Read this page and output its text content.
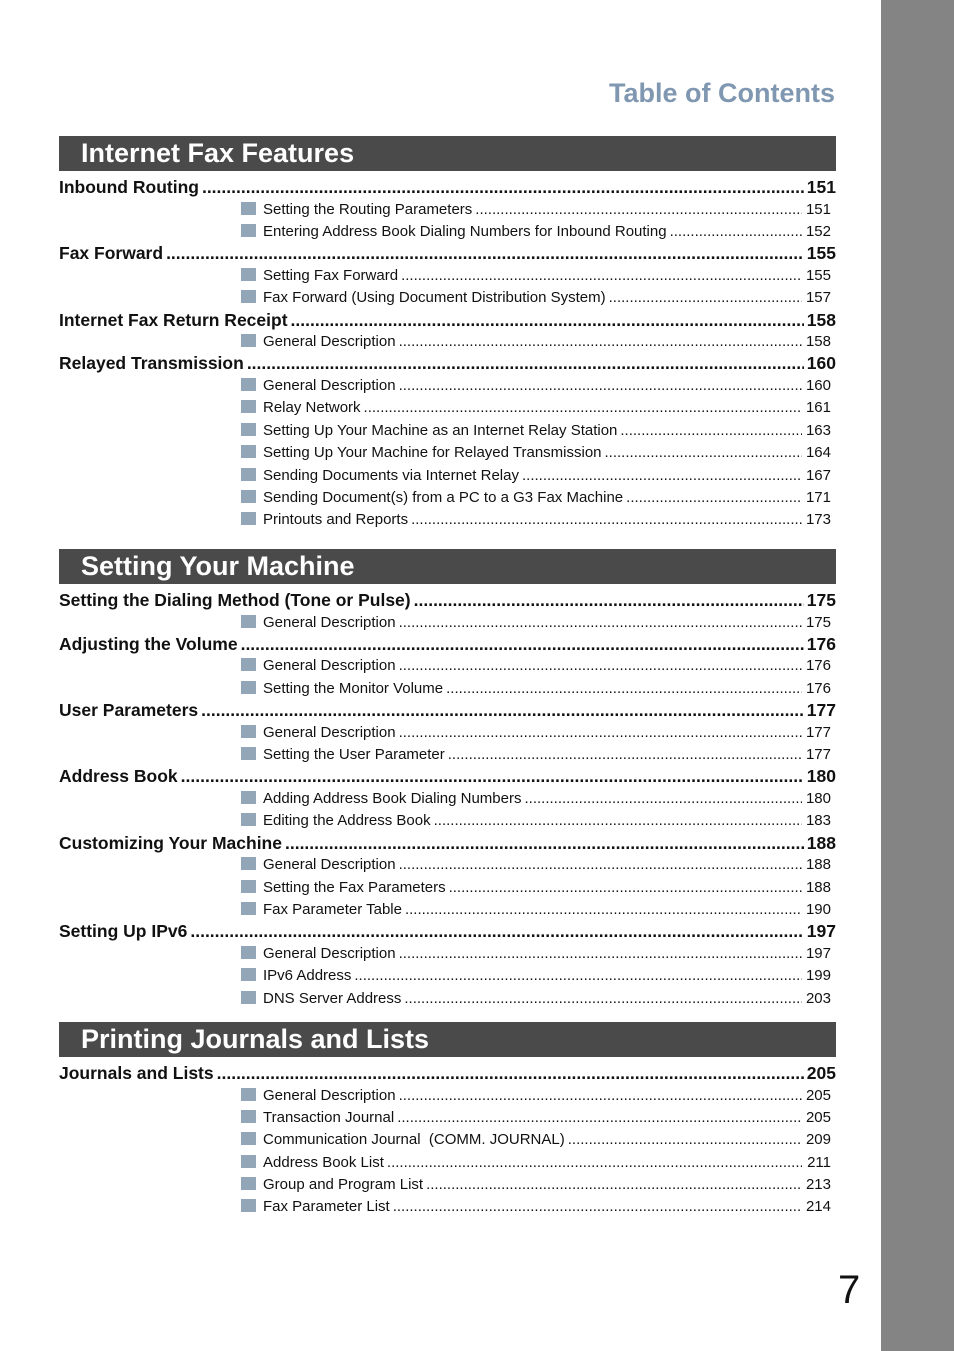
Table of Contents
Internet Fax Features
Inbound Routing .....	151
Setting the Routing Parameters .....	151
Entering Address Book Dialing Numbers for Inbound Routing .....	152
Fax Forward .....	155
Setting Fax Forward .....	155
Fax Forward (Using Document Distribution System) .....	157
Internet Fax Return Receipt .....	158
General Description .....	158
Relayed Transmission .....	160
General Description .....	160
Relay Network .....	161
Setting Up Your Machine as an Internet Relay Station .....	163
Setting Up Your Machine for Relayed Transmission .....	164
Sending Documents via Internet Relay .....	167
Sending Document(s) from a PC to a G3 Fax Machine .....	171
Printouts and Reports .....	173
Setting Your Machine
Setting the Dialing Method (Tone or Pulse) .....	175
General Description .....	175
Adjusting the Volume .....	176
General Description .....	176
Setting the Monitor Volume .....	176
User Parameters .....	177
General Description .....	177
Setting the User Parameter .....	177
Address Book .....	180
Adding Address Book Dialing Numbers .....	180
Editing the Address Book .....	183
Customizing Your Machine .....	188
General Description .....	188
Setting the Fax Parameters .....	188
Fax Parameter Table .....	190
Setting Up IPv6 .....	197
General Description .....	197
IPv6 Address .....	199
DNS Server Address .....	203
Printing Journals and Lists
Journals and Lists .....	205
General Description .....	205
Transaction Journal .....	205
Communication Journal  (COMM. JOURNAL) .....	209
Address Book List .....	211
Group and Program List .....	213
Fax Parameter List .....	214
7
